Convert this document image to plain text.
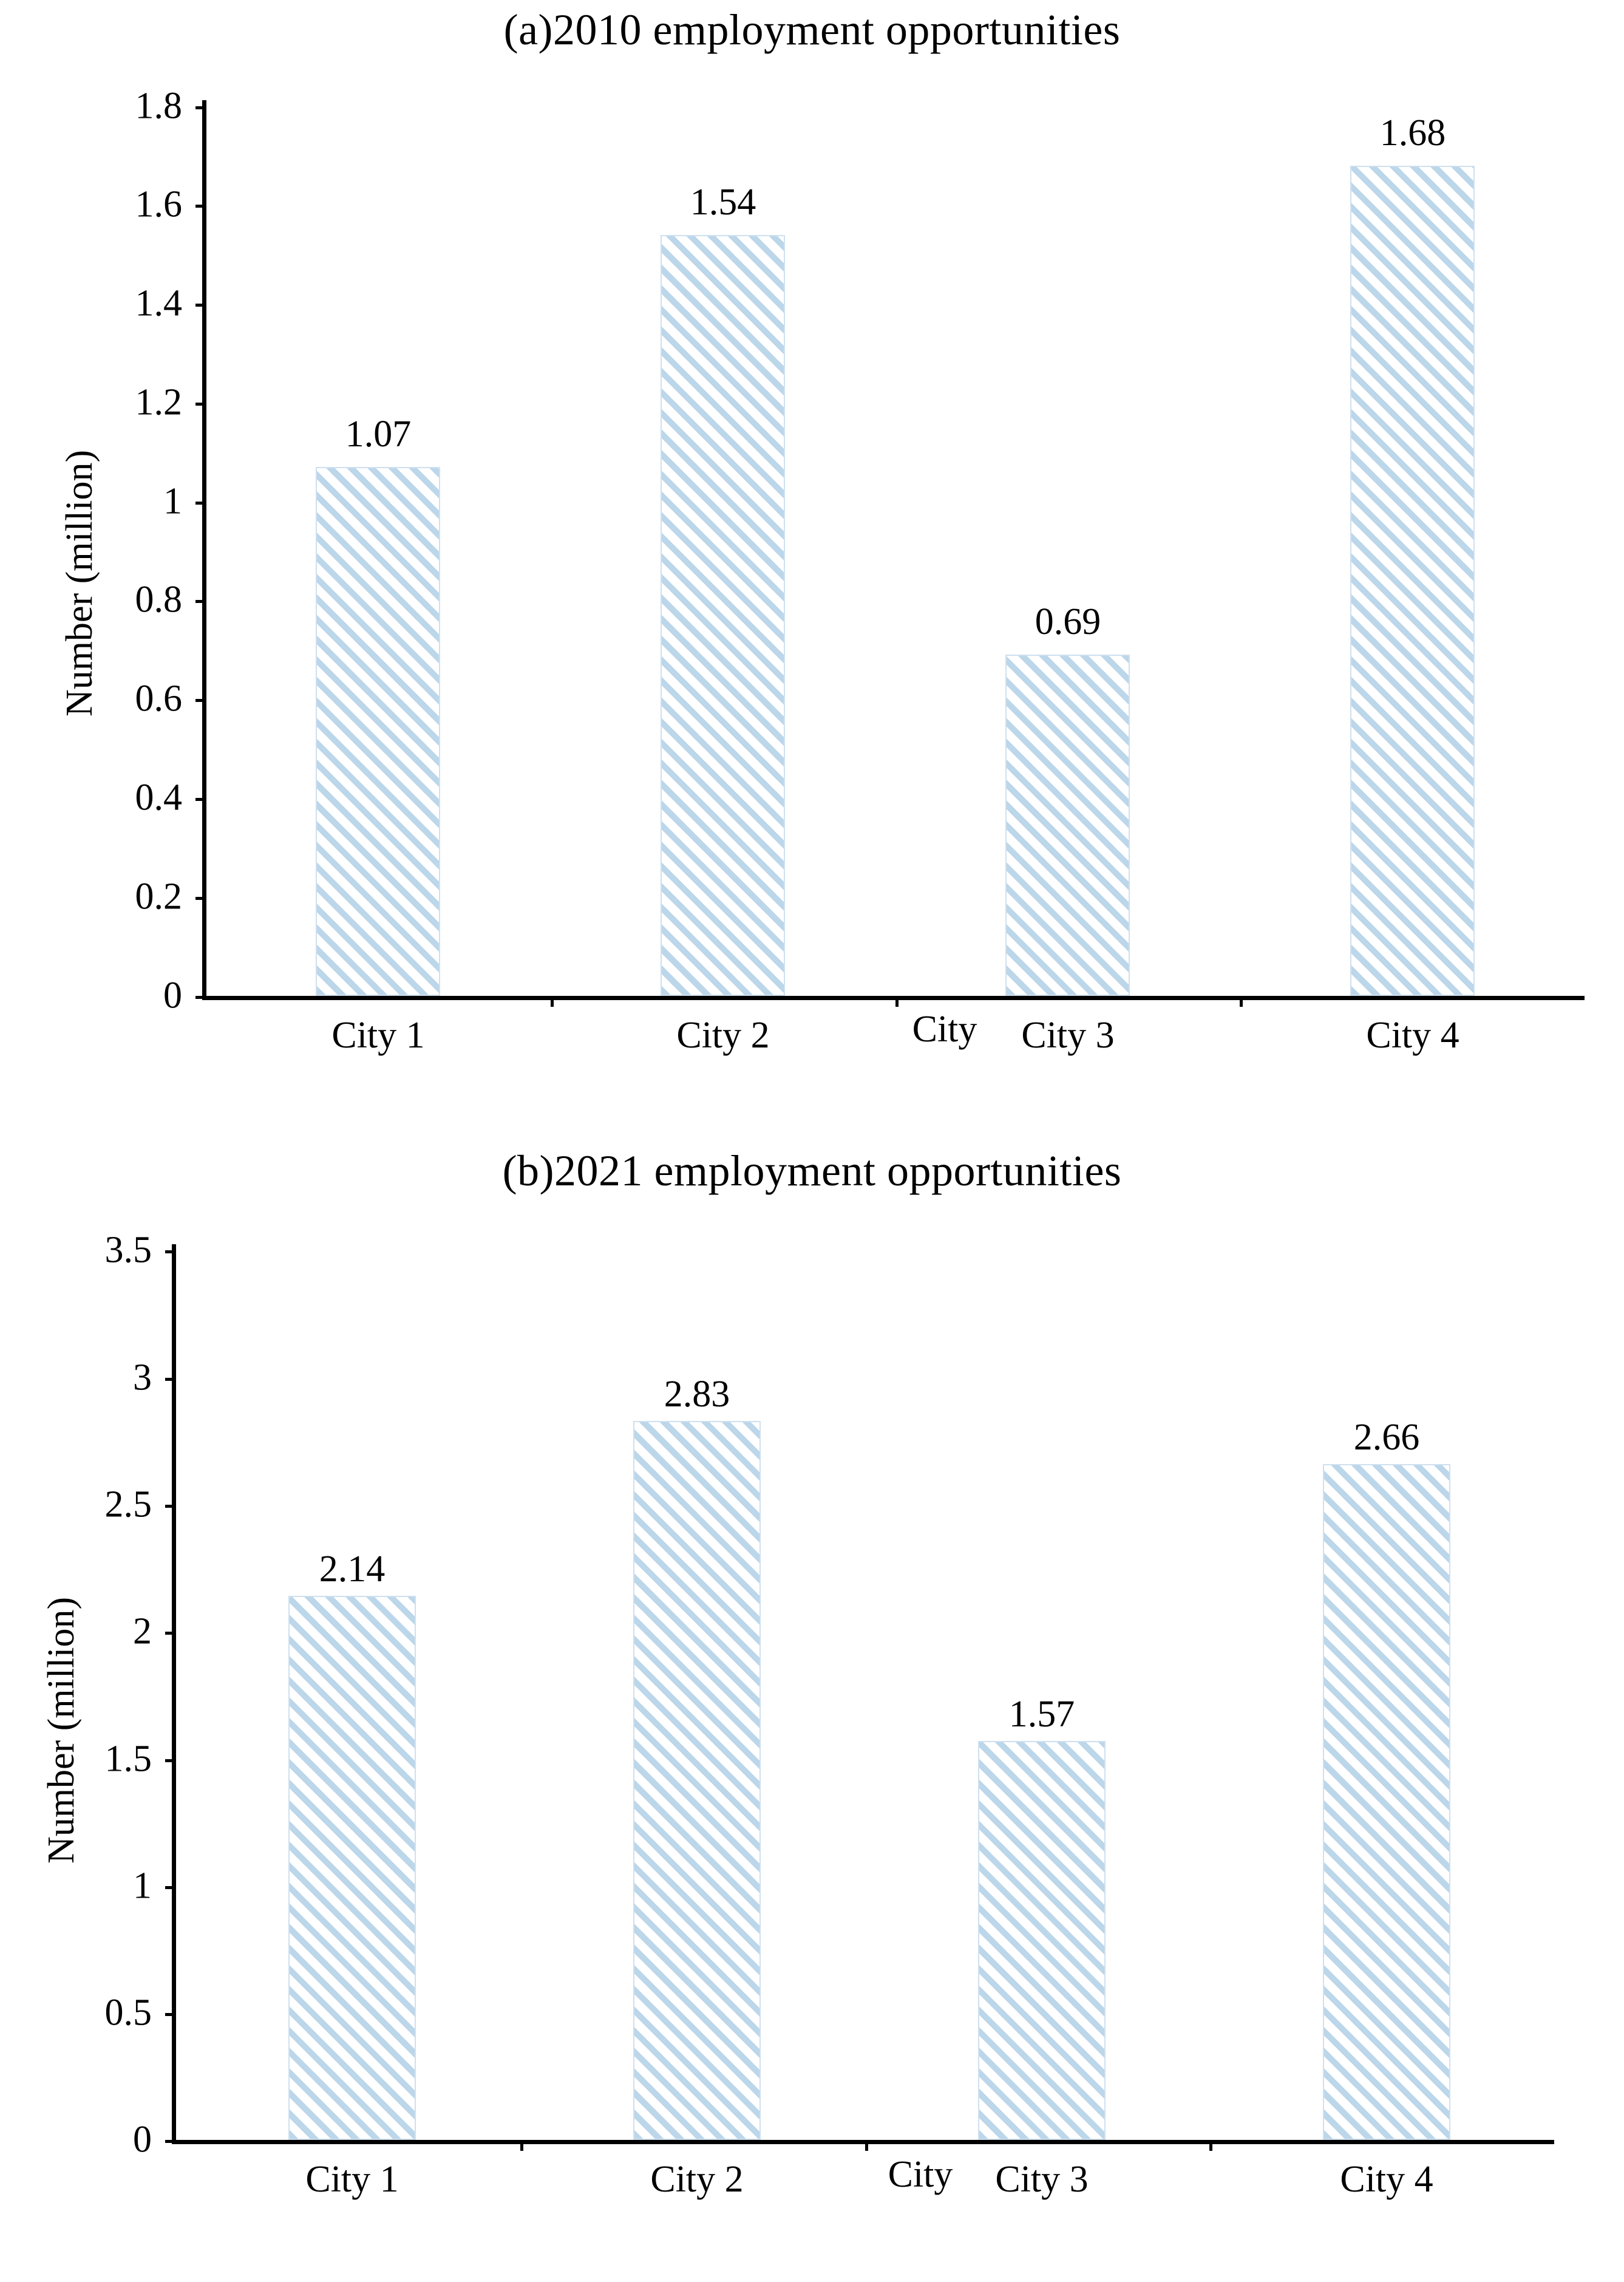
(a)2010 employment opportunities
Number (million)
0
0.2
0.4
0.6
0.8
1
1.2
1.4
1.6
1.8
1.07
1.54
0.69
1.68
City 1	City 2	City 3	City 4
City
(b)2021 employment opportunities
Number (million)
0
0.5
1
1.5
2
2.5
3
3.5
2.14
2.83
1.57
2.66
City 1	City 2	City 3	City 4
City
